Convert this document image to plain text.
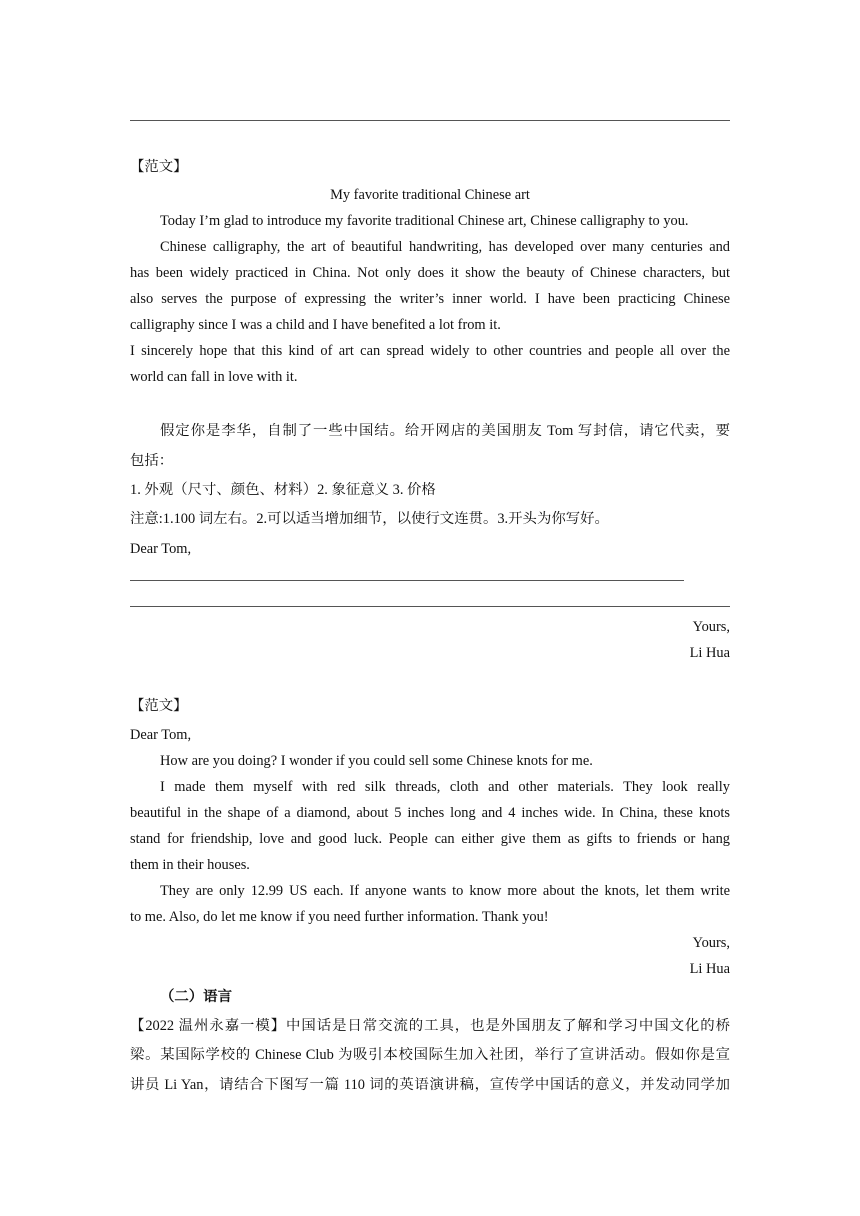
【范文】
My favorite traditional Chinese art
Today I’m glad to introduce my favorite traditional Chinese art, Chinese calligraphy to you.
Chinese calligraphy, the art of beautiful handwriting, has developed over many centuries and
has been widely practiced in China. Not only does it show the beauty of Chinese characters, but
also serves the purpose of expressing the writer’s inner world. I have been practicing Chinese
calligraphy since I was a child and I have benefited a lot from it.
I sincerely hope that this kind of art can spread widely to other countries and people all over the
world can fall in love with it.
假定你是李华，自制了一些中国结。给开网店的美国朋友 Tom 写封信，请它代卖，要
包括：
1. 外观（尺寸、颜色、材料）2. 象征意义 3. 价格
注意:1.100 词左右。2.可以适当增加细节，以使行文连贯。3.开头为你写好。
Dear Tom,
Yours,
Li Hua
【范文】
Dear Tom,
How are you doing? I wonder if you could sell some Chinese knots for me.
I made them myself with red silk threads, cloth and other materials. They look really
beautiful in the shape of a diamond, about 5 inches long and 4 inches wide. In China, these knots
stand for friendship, love and good luck. People can either give them as gifts to friends or hang
them in their houses.
They are only 12.99 US each. If anyone wants to know more about the knots, let them write
to me. Also, do let me know if you need further information. Thank you!
Yours,
Li Hua
（二）语言
【2022 温州永嘉一模】中国话是日常交流的工具，也是外国朋友了解和学习中国文化的桥
梁。某国际学校的 Chinese Club 为吸引本校国际生加入社团，举行了宣讲活动。假如你是宣
讲员 Li Yan，请结合下图写一篇 110 词的英语演讲稿，宣传学中国话的意义，并发动同学加
